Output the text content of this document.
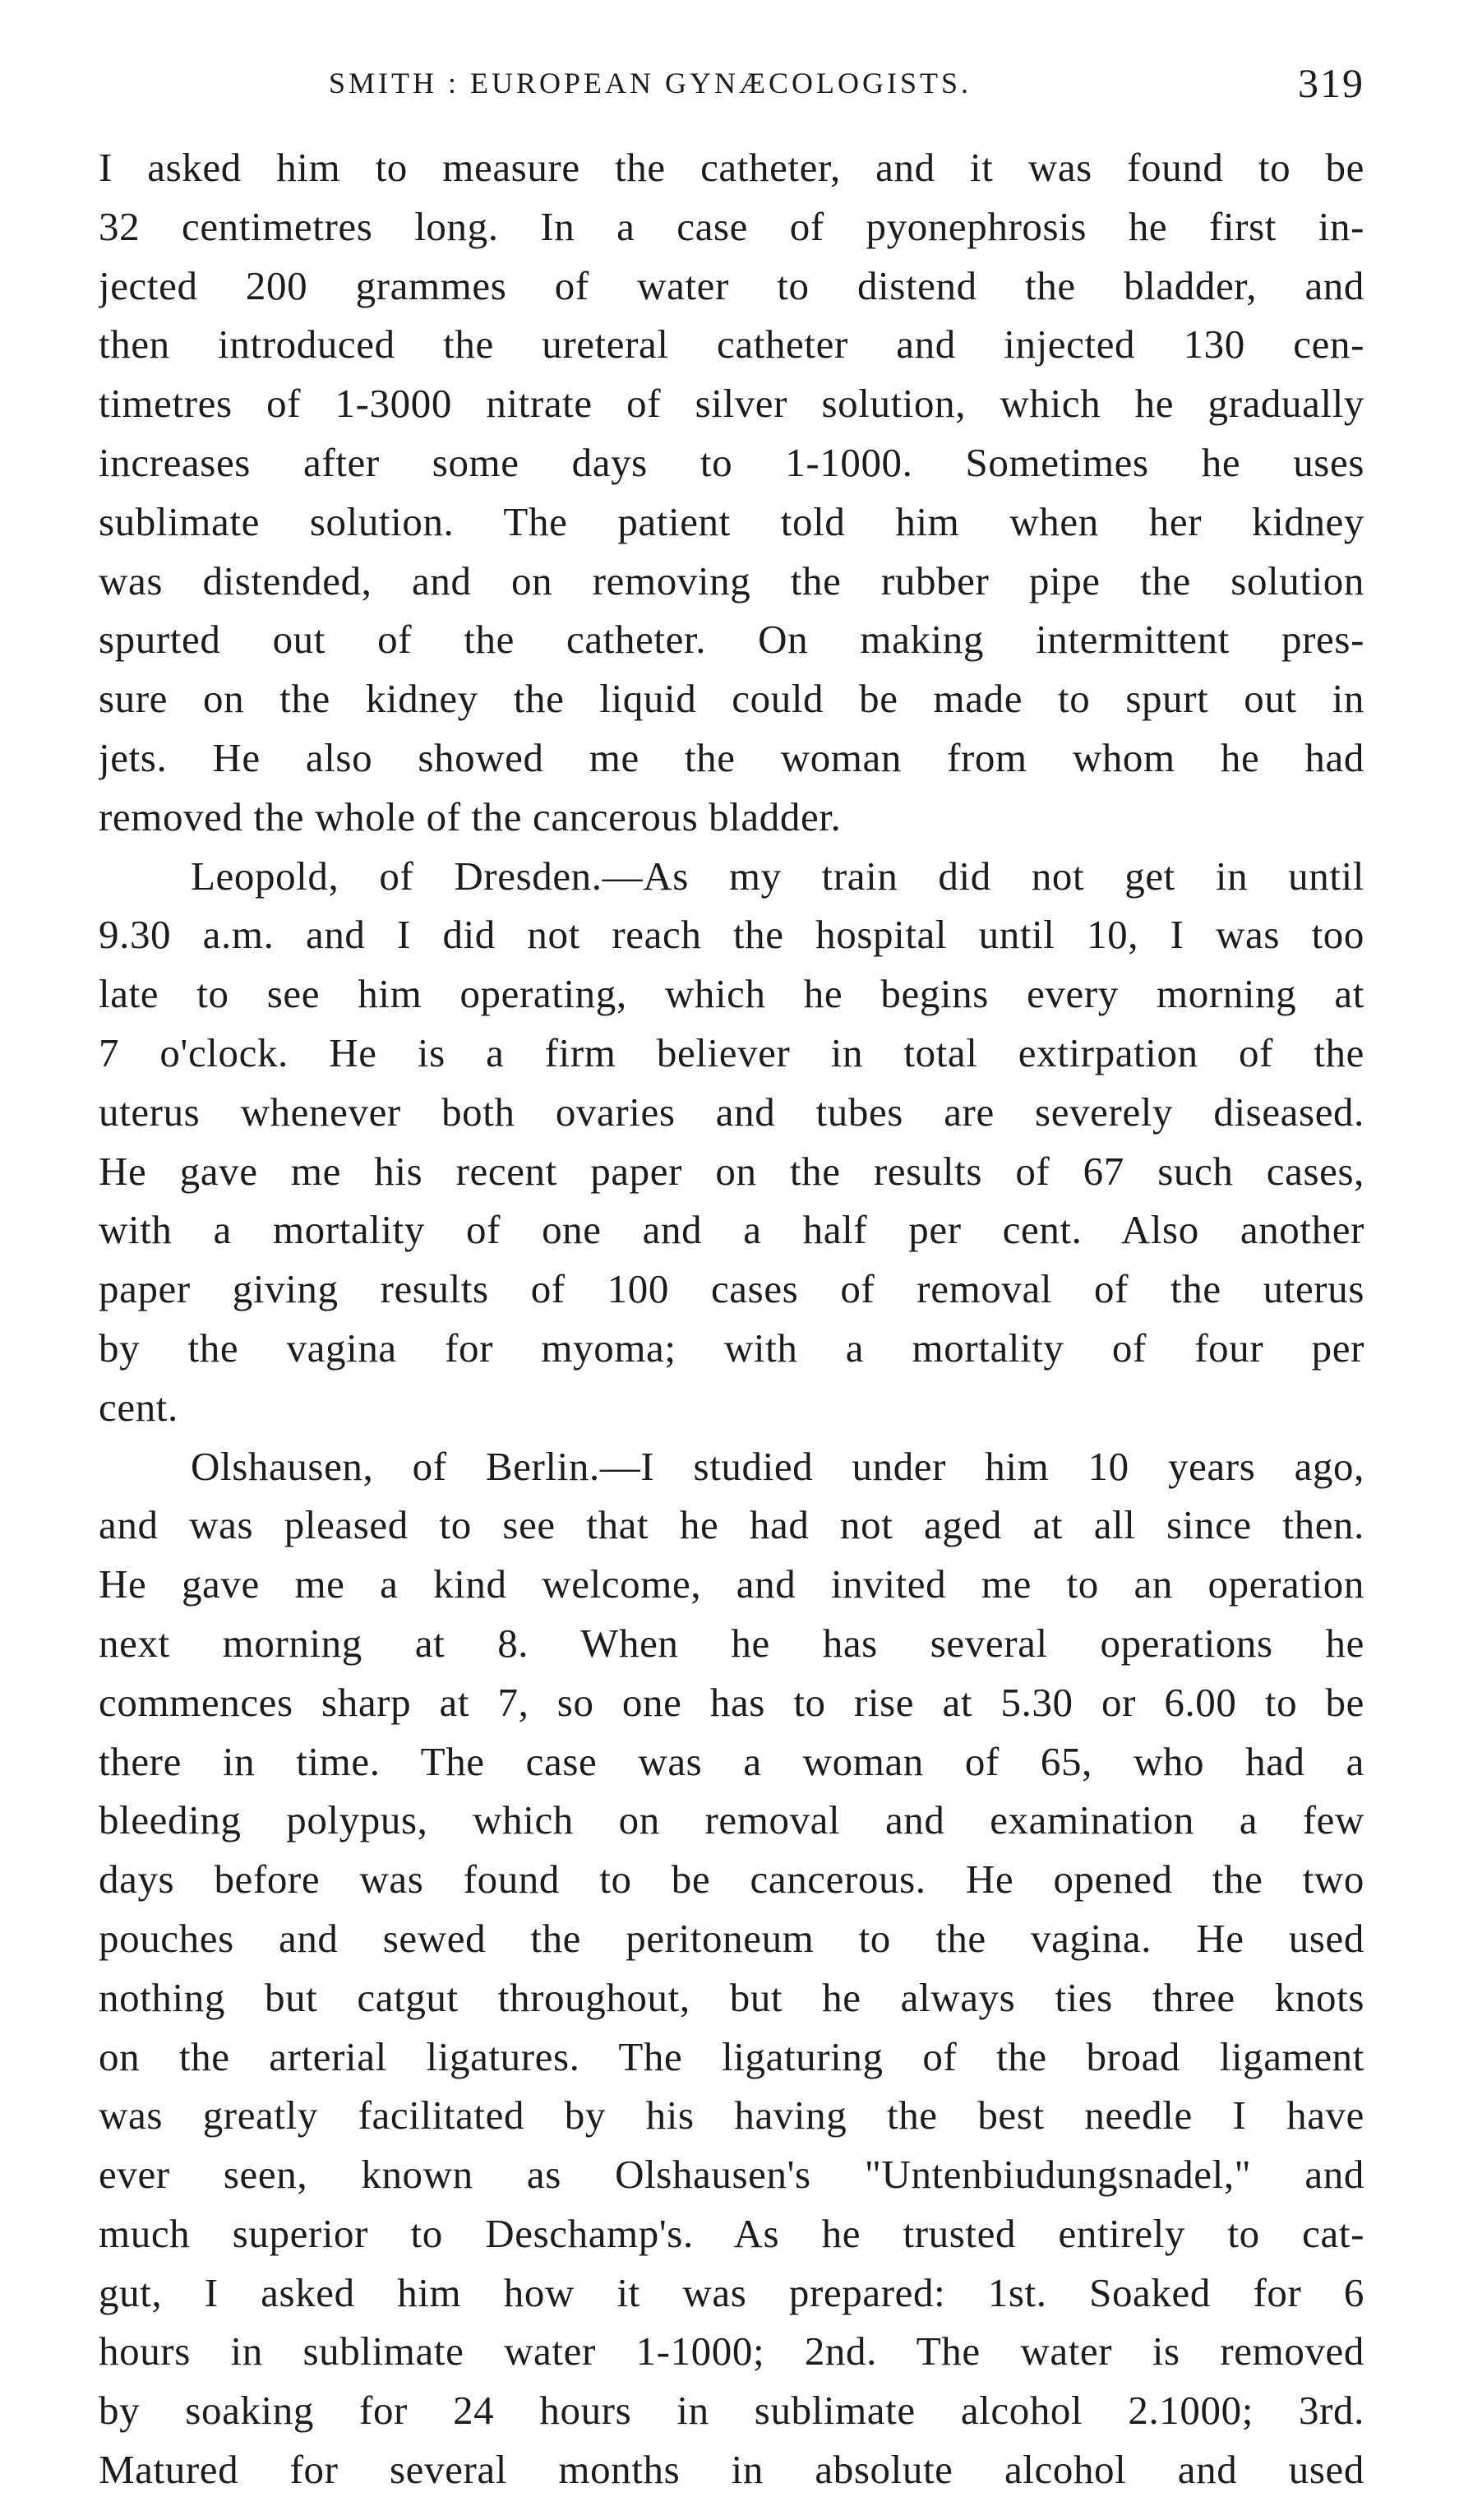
SMITH : EUROPEAN GYNÆCOLOGISTS.	319
I asked him to measure the catheter, and it was found to be
32 centimetres long. In a case of pyonephrosis he first in-
jected 200 grammes of water to distend the bladder, and
then introduced the ureteral catheter and injected 130 cen-
timetres of 1-3000 nitrate of silver solution, which he gradually
increases after some days to 1-1000. Sometimes he uses
sublimate solution. The patient told him when her kidney
was distended, and on removing the rubber pipe the solution
spurted out of the catheter. On making intermittent pres-
sure on the kidney the liquid could be made to spurt out in
jets. He also showed me the woman from whom he had
removed the whole of the cancerous bladder.
Leopold, of Dresden.—As my train did not get in until
9.30 a.m. and I did not reach the hospital until 10, I was too
late to see him operating, which he begins every morning at
7 o'clock. He is a firm believer in total extirpation of the
uterus whenever both ovaries and tubes are severely diseased.
He gave me his recent paper on the results of 67 such cases,
with a mortality of one and a half per cent. Also another
paper giving results of 100 cases of removal of the uterus
by the vagina for myoma; with a mortality of four per
cent.
Olshausen, of Berlin.—I studied under him 10 years ago,
and was pleased to see that he had not aged at all since then.
He gave me a kind welcome, and invited me to an operation
next morning at 8. When he has several operations he
commences sharp at 7, so one has to rise at 5.30 or 6.00 to be
there in time. The case was a woman of 65, who had a
bleeding polypus, which on removal and examination a few
days before was found to be cancerous. He opened the two
pouches and sewed the peritoneum to the vagina. He used
nothing but catgut throughout, but he always ties three knots
on the arterial ligatures. The ligaturing of the broad ligament
was greatly facilitated by his having the best needle I have
ever seen, known as Olshausen's "Untenbiudungsnadel," and
much superior to Deschamp's. As he trusted entirely to cat-
gut, I asked him how it was prepared: 1st. Soaked for 6
hours in sublimate water 1-1000; 2nd. The water is removed
by soaking for 24 hours in sublimate alcohol 2.1000; 3rd.
Matured for several months in absolute alcohol and used
